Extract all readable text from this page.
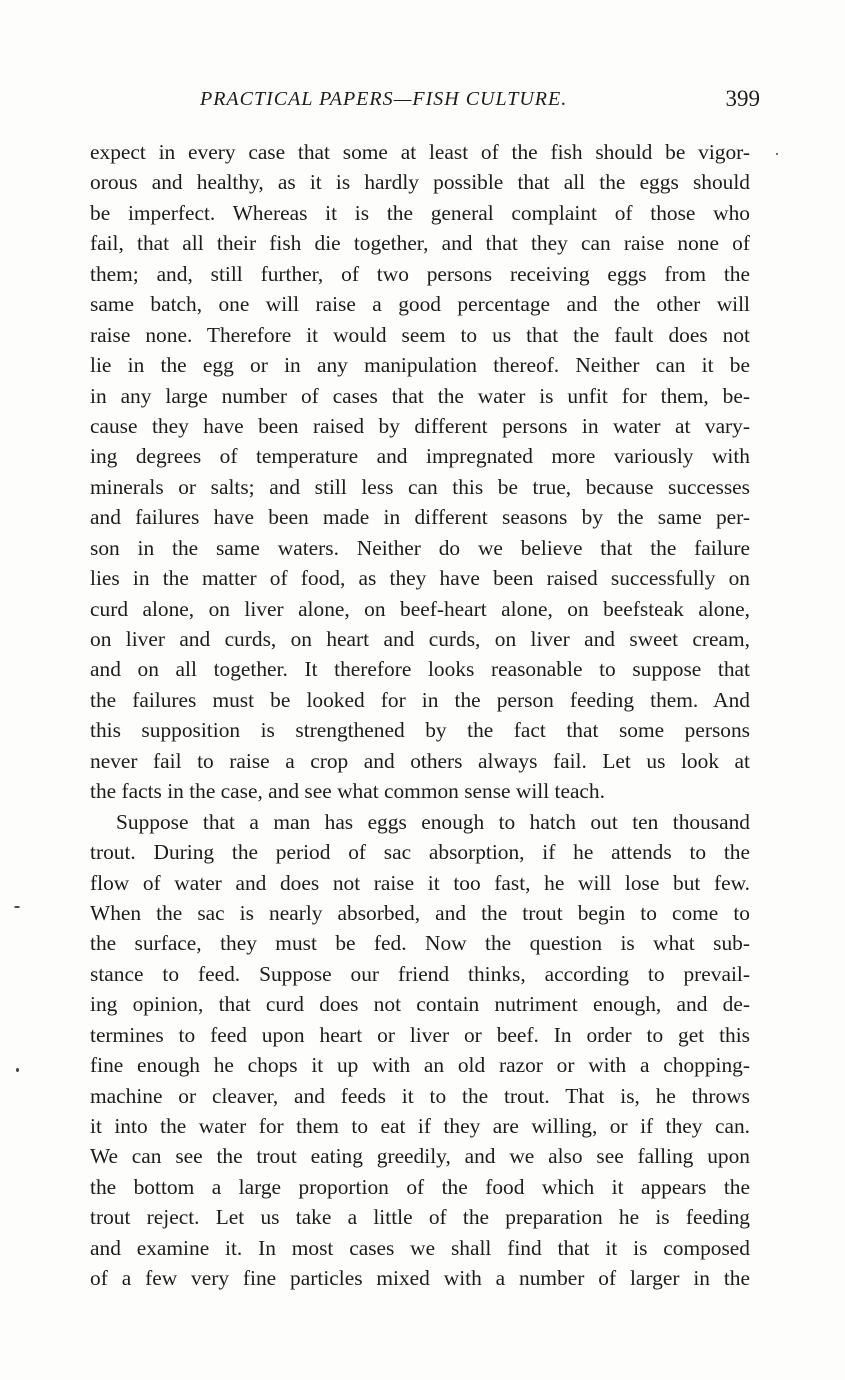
PRACTICAL PAPERS—FISH CULTURE.	399
expect in every case that some at least of the fish should be vigor-
orous and healthy, as it is hardly possible that all the eggs should
be imperfect. Whereas it is the general complaint of those who
fail, that all their fish die together, and that they can raise none of
them; and, still further, of two persons receiving eggs from the
same batch, one will raise a good percentage and the other will
raise none. Therefore it would seem to us that the fault does not
lie in the egg or in any manipulation thereof. Neither can it be
in any large number of cases that the water is unfit for them, be-
cause they have been raised by different persons in water at vary-
ing degrees of temperature and impregnated more variously with
minerals or salts; and still less can this be true, because successes
and failures have been made in different seasons by the same per-
son in the same waters. Neither do we believe that the failure
lies in the matter of food, as they have been raised successfully on
curd alone, on liver alone, on beef-heart alone, on beefsteak alone,
on liver and curds, on heart and curds, on liver and sweet cream,
and on all together. It therefore looks reasonable to suppose that
the failures must be looked for in the person feeding them. And
this supposition is strengthened by the fact that some persons
never fail to raise a crop and others always fail. Let us look at
the facts in the case, and see what common sense will teach.
Suppose that a man has eggs enough to hatch out ten thousand
trout. During the period of sac absorption, if he attends to the
flow of water and does not raise it too fast, he will lose but few.
When the sac is nearly absorbed, and the trout begin to come to
the surface, they must be fed. Now the question is what sub-
stance to feed. Suppose our friend thinks, according to prevail-
ing opinion, that curd does not contain nutriment enough, and de-
termines to feed upon heart or liver or beef. In order to get this
fine enough he chops it up with an old razor or with a chopping-
machine or cleaver, and feeds it to the trout. That is, he throws
it into the water for them to eat if they are willing, or if they can.
We can see the trout eating greedily, and we also see falling upon
the bottom a large proportion of the food which it appears the
trout reject. Let us take a little of the preparation he is feeding
and examine it. In most cases we shall find that it is composed
of a few very fine particles mixed with a number of larger in the
